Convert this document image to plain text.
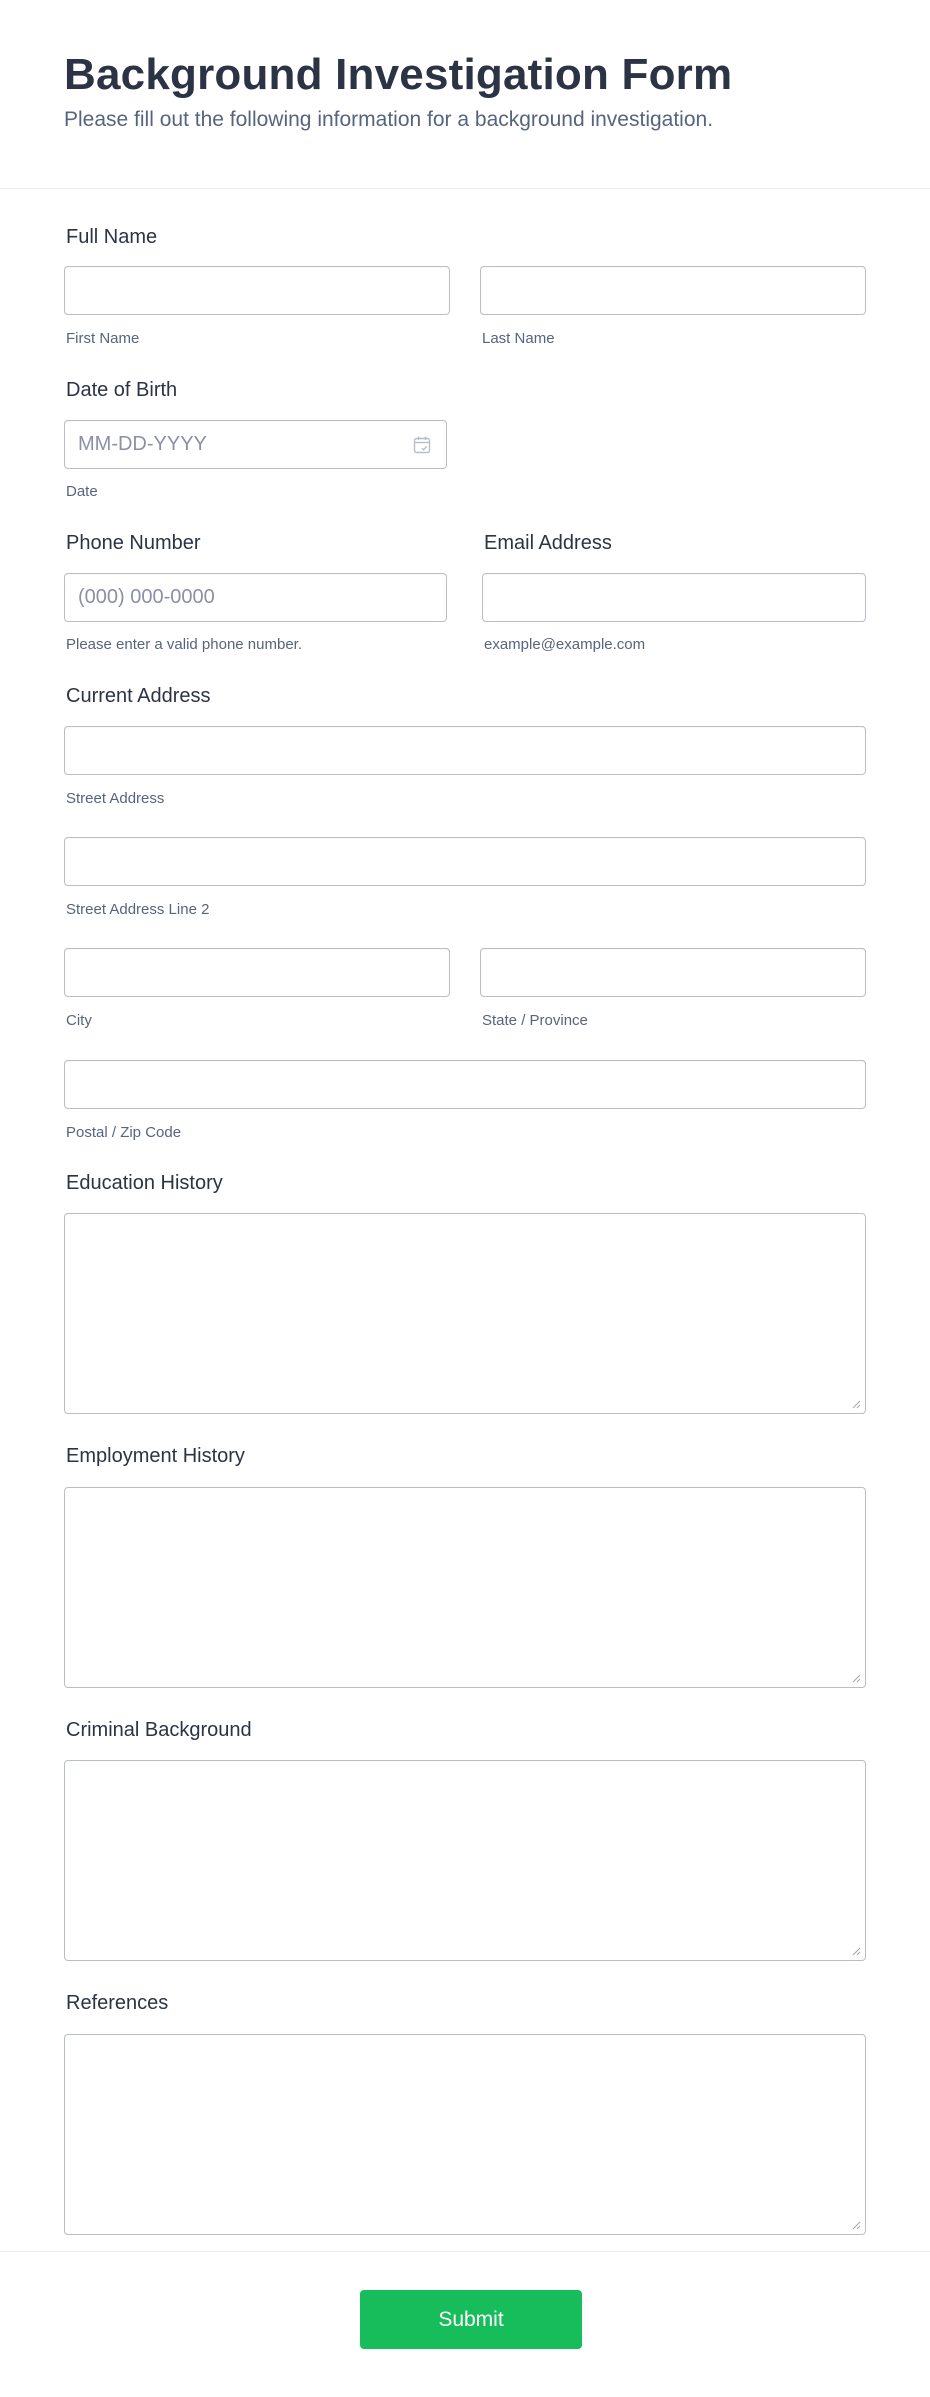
Background Investigation Form

Please fill out the following information for a background investigation.

Full Name
First Name	Last Name
Date of Birth
MM-DD-YYYY
Date
Phone Number	Email Address
(000) 000-0000
Please enter a valid phone number.	example@example.com
Current Address
Street Address
Street Address Line 2
City	State / Province
Postal / Zip Code
Education History
Employment History
Criminal Background
References
Submit
